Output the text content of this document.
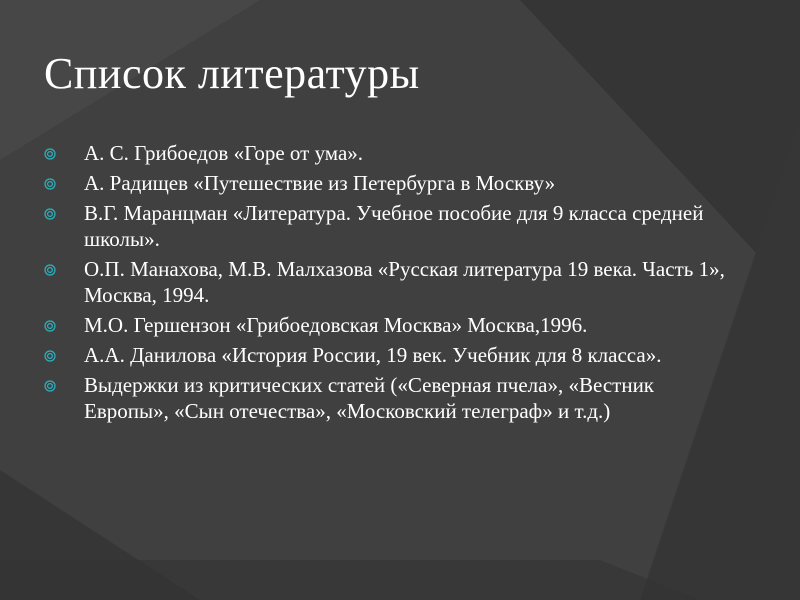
Список литературы
А. С. Грибоедов «Горе от ума».
А. Радищев «Путешествие из Петербурга в Москву»
В.Г. Маранцман «Литература. Учебное пособие для 9 класса средней школы».
О.П. Манахова, М.В. Малхазова «Русская литература 19 века. Часть 1», Москва, 1994.
М.О. Гершензон «Грибоедовская Москва» Москва,1996.
А.А. Данилова «История России, 19 век. Учебник для 8 класса».
Выдержки из критических статей («Северная пчела», «Вестник Европы», «Сын отечества», «Московский телеграф» и т.д.)
